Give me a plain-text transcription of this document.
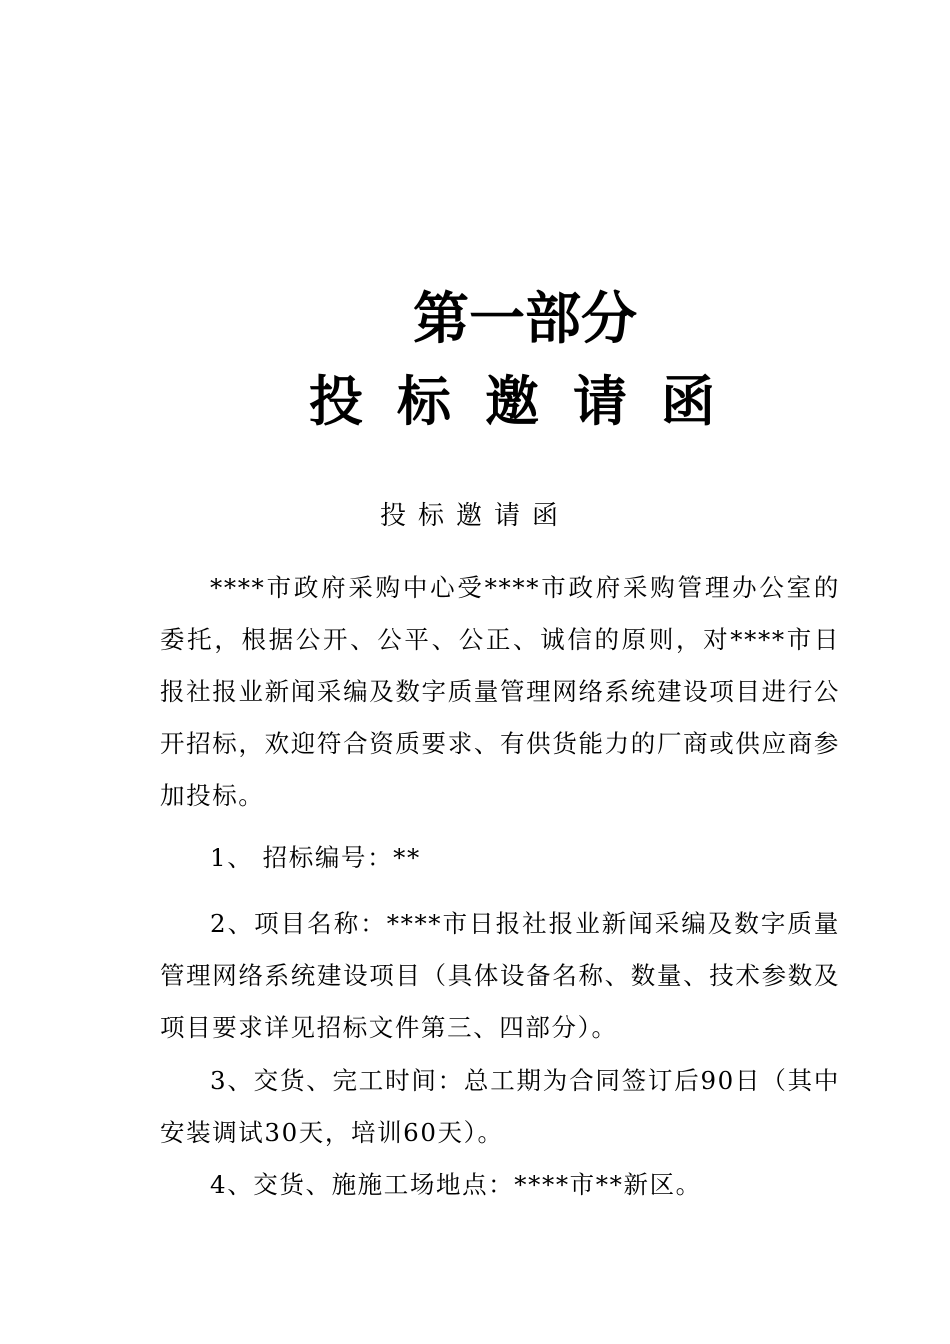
第一部分
投标邀请函
投标邀请函

****市政府采购中心受****市政府采购管理办公室的委托，根据公开、公平、公正、诚信的原则，对****市日报社报业新闻采编及数字质量管理网络系统建设项目进行公开招标，欢迎符合资质要求、有供货能力的厂商或供应商参加投标。

1、 招标编号：**

2、项目名称：****市日报社报业新闻采编及数字质量管理网络系统建设项目（具体设备名称、数量、技术参数及项目要求详见招标文件第三、四部分）。

3、交货、完工时间：总工期为合同签订后90日（其中安装调试30天，培训60天）。

4、交货、施施工场地点：****市**新区。
